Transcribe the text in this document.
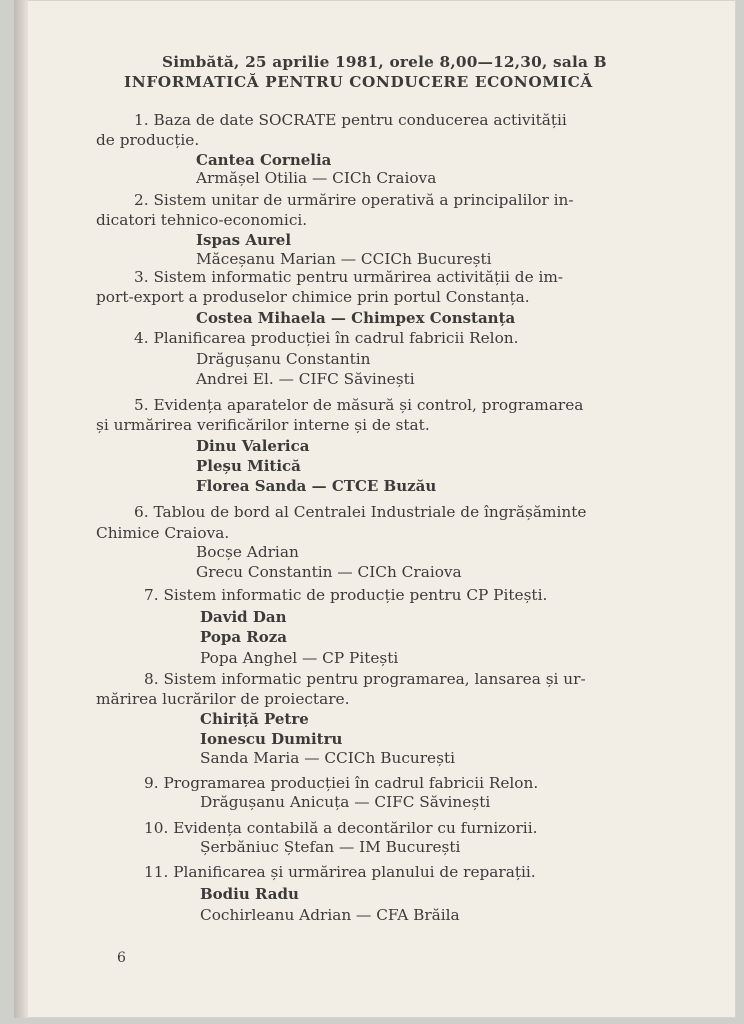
Simbătă, 25 aprilie 1981, orele 8,00—12,30, sala B
INFORMATICĂ PENTRU CONDUCERE ECONOMICĂ
1. Baza de date SOCRATE pentru conducerea activității
de producție.
Cantea Cornelia
Armășel Otilia — CICh Craiova
2. Sistem unitar de urmărire operativă a principalilor in-
dicatori tehnico-economici.
Ispas Aurel
Măceșanu Marian — CCICh București
3. Sistem informatic pentru urmărirea activității de im-
port-export a produselor chimice prin portul Constanța.
Costea Mihaela — Chimpex Constanța
4. Planificarea producției în cadrul fabricii Relon.
Drăgușanu Constantin
Andrei El. — CIFC Săvinești
5. Evidența aparatelor de măsură și control, programarea
și urmărirea verificărilor interne și de stat.
Dinu Valerica
Pleșu Mitică
Florea Sanda — CTCE Buzău
6. Tablou de bord al Centralei Industriale de îngrășăminte
Chimice Craiova.
Bocșe Adrian
Grecu Constantin — CICh Craiova
7. Sistem informatic de producție pentru CP Pitești.
David Dan
Popa Roza
Popa Anghel — CP Pitești
8. Sistem informatic pentru programarea, lansarea și ur-
mărirea lucrărilor de proiectare.
Chiriță Petre
Ionescu Dumitru
Sanda Maria — CCICh București
9. Programarea producției în cadrul fabricii Relon.
Drăgușanu Anicuța — CIFC Săvinești
10. Evidența contabilă a decontărilor cu furnizorii.
Șerbăniuc Ștefan — IM București
11. Planificarea și urmărirea planului de reparații.
Bodiu Radu
Cochirleanu Adrian — CFA Brăila
6
